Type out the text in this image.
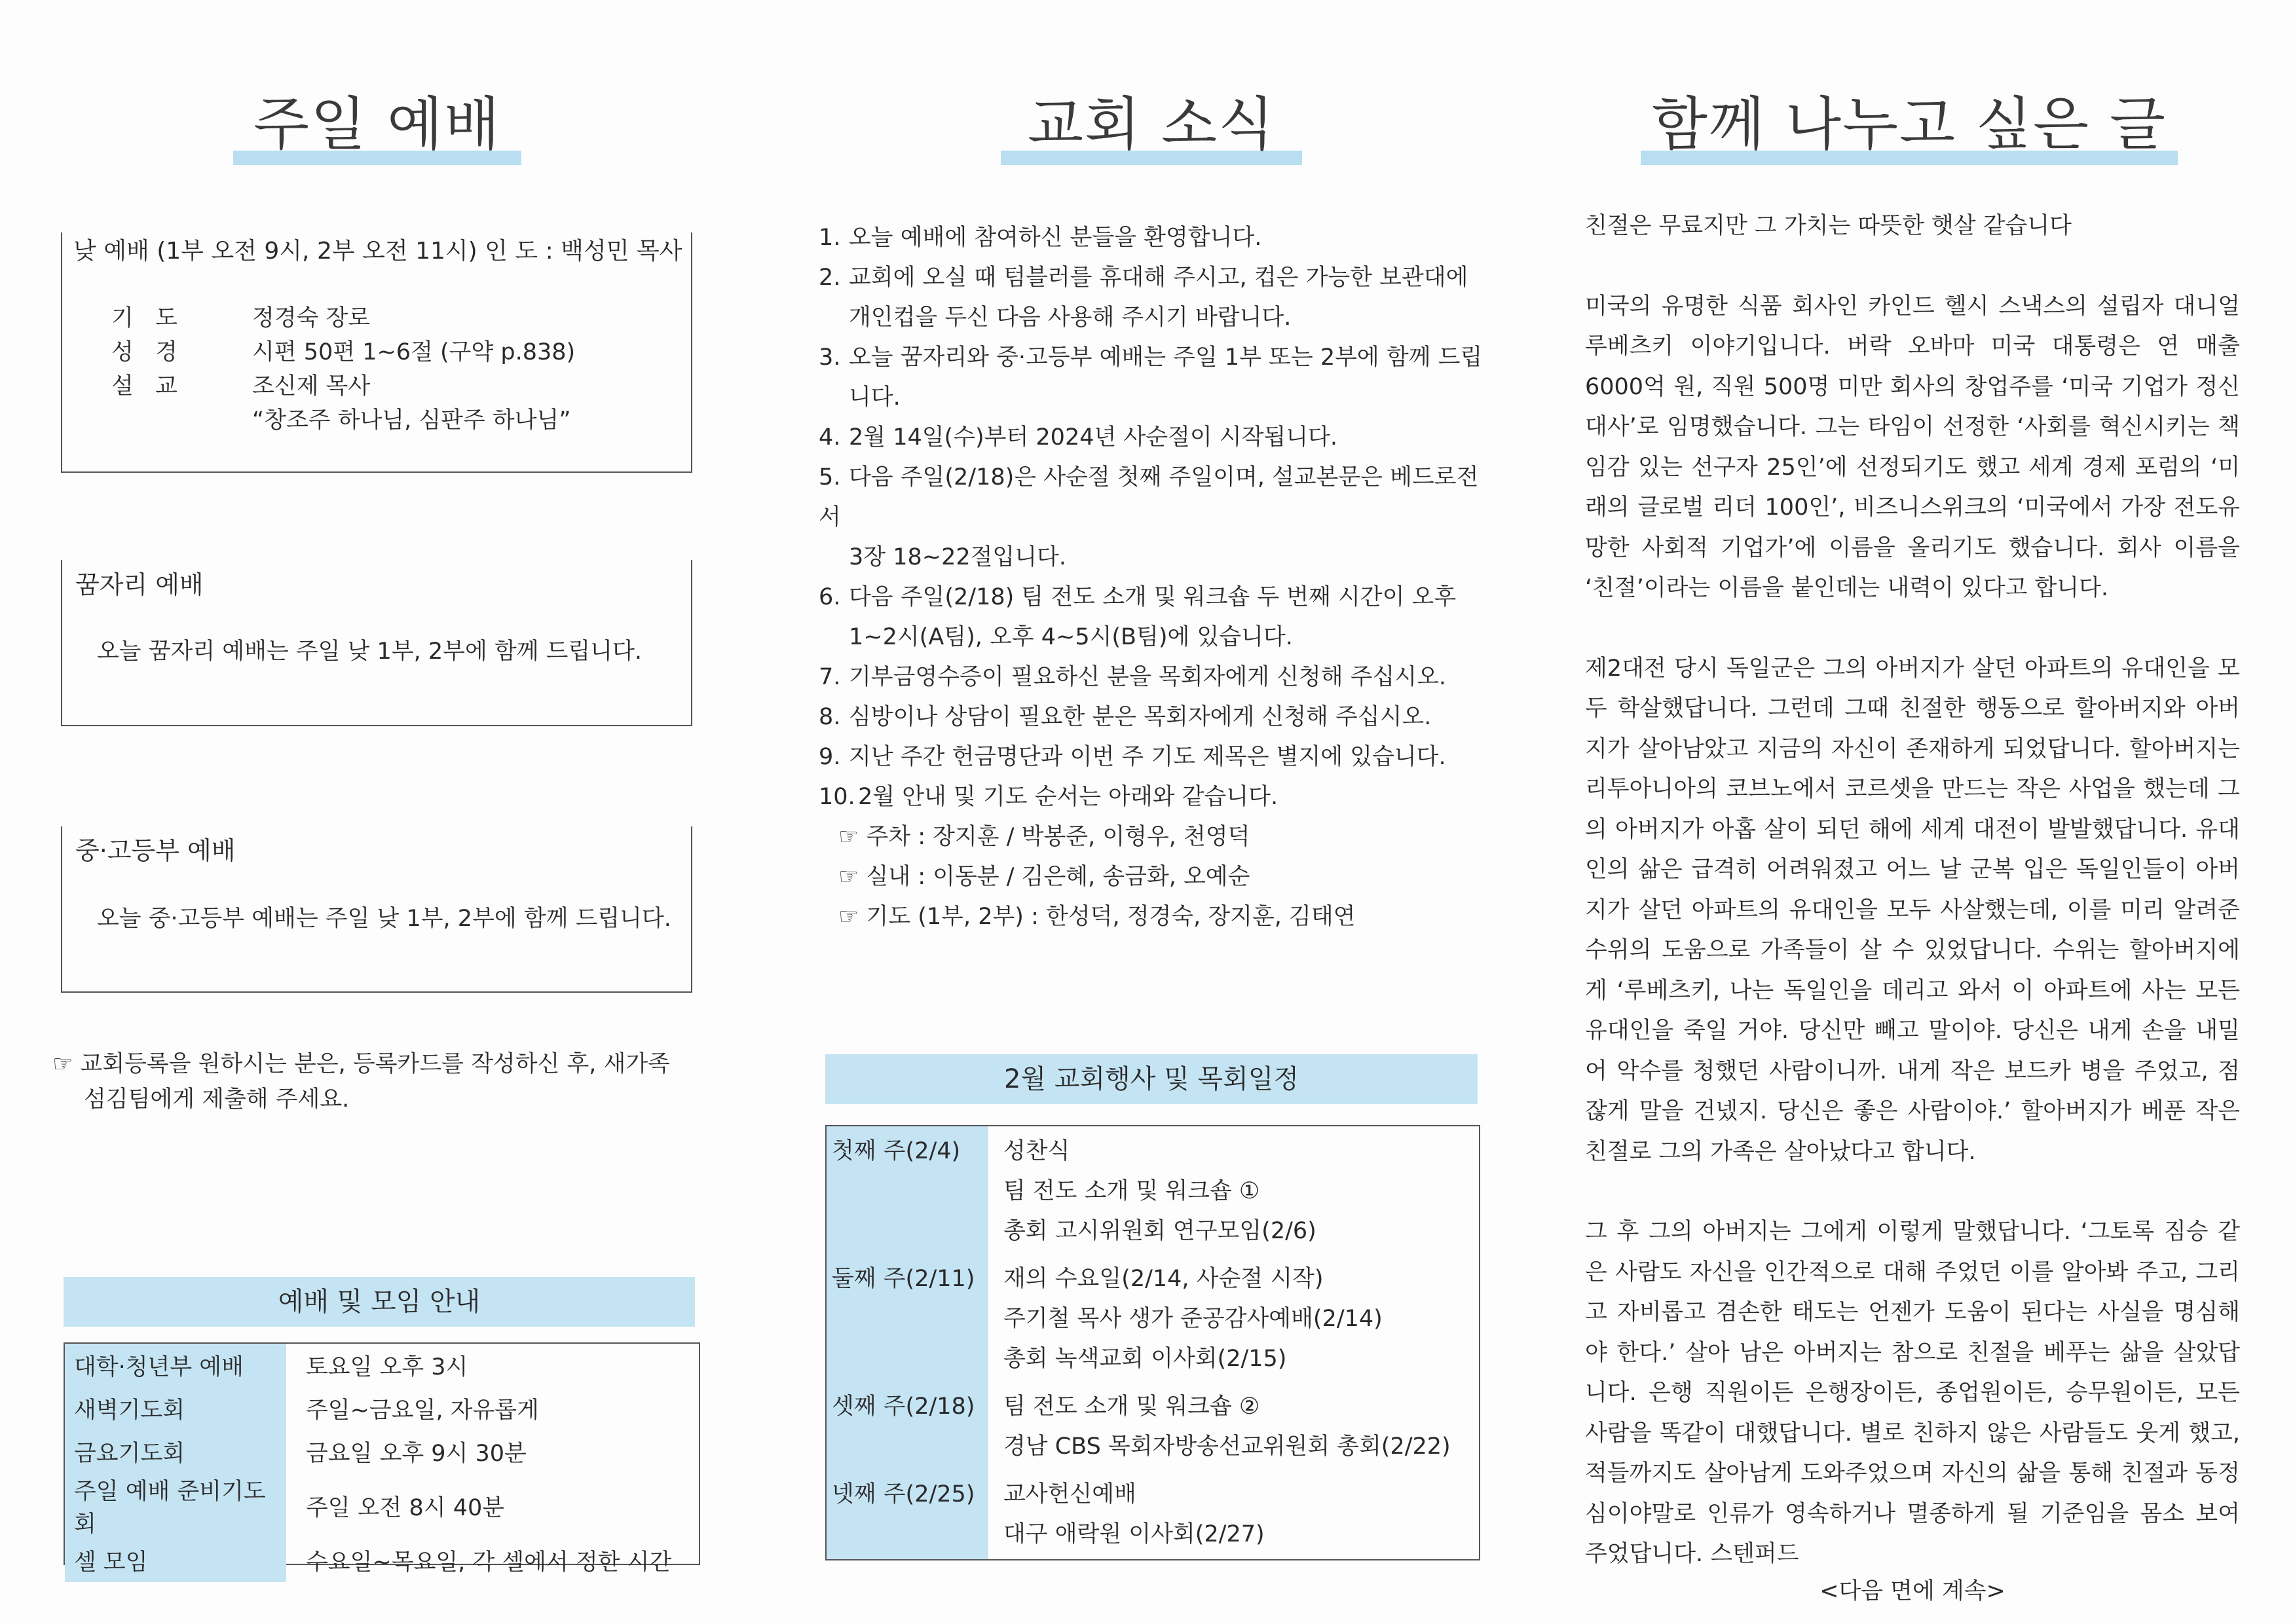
주일 예배
낮 예배 (1부 오전 9시, 2부 오전 11시) 인 도 : 백성민 목사
기   도	정경숙 장로
성   경	시편 50편 1~6절 (구약 p.838)
설   교	조신제 목사
“창조주 하나님, 심판주 하나님”
꿈자리 예배
오늘 꿈자리 예배는 주일 낮 1부, 2부에 함께 드립니다.
중·고등부 예배
오늘 중·고등부 예배는 주일 낮 1부, 2부에 함께 드립니다.
☞ 교회등록을 원하시는 분은, 등록카드를 작성하신 후, 새가족
섬김팀에게 제출해 주세요.
예배 및 모임 안내
대학·청년부 예배	토요일 오후 3시
새벽기도회	주일~금요일, 자유롭게
금요기도회	금요일 오후 9시 30분
주일 예배 준비기도회	주일 오전 8시 40분
셀 모임	수요일~목요일, 각 셀에서 정한 시간
교회 소식
1. 오늘 예배에 참여하신 분들을 환영합니다.
2. 교회에 오실 때 텀블러를 휴대해 주시고, 컵은 가능한 보관대에
개인컵을 두신 다음 사용해 주시기 바랍니다.
3. 오늘 꿈자리와 중·고등부 예배는 주일 1부 또는 2부에 함께 드립
니다.
4. 2월 14일(수)부터 2024년 사순절이 시작됩니다.
5. 다음 주일(2/18)은 사순절 첫째 주일이며, 설교본문은 베드로전서
3장 18~22절입니다.
6. 다음 주일(2/18) 팀 전도 소개 및 워크숍 두 번째 시간이 오후
1~2시(A팀), 오후 4~5시(B팀)에 있습니다.
7. 기부금영수증이 필요하신 분을 목회자에게 신청해 주십시오.
8. 심방이나 상담이 필요한 분은 목회자에게 신청해 주십시오.
9. 지난 주간 헌금명단과 이번 주 기도 제목은 별지에 있습니다.
10. 2월 안내 및 기도 순서는 아래와 같습니다.
☞ 주차 : 장지훈 / 박봉준, 이형우, 천영덕
☞ 실내 : 이동분 / 김은혜, 송금화, 오예순
☞ 기도 (1부, 2부) : 한성덕, 정경숙, 장지훈, 김태연
2월 교회행사 및 목회일정
첫째 주(2/4)	성찬식
팀 전도 소개 및 워크숍 ①
총회 고시위원회 연구모임(2/6)
둘째 주(2/11)	재의 수요일(2/14, 사순절 시작)
주기철 목사 생가 준공감사예배(2/14)
총회 녹색교회 이사회(2/15)
셋째 주(2/18)	팀 전도 소개 및 워크숍 ②
경남 CBS 목회자방송선교위원회 총회(2/22)
넷째 주(2/25)	교사헌신예배
대구 애락원 이사회(2/27)
함께 나누고 싶은 글

친절은 무료지만 그 가치는 따뜻한 햇살 같습니다

미국의 유명한 식품 회사인 카인드 헬시 스낵스의 설립자 대니얼 루베츠키 이야기입니다. 버락 오바마 미국 대통령은 연 매출 6000억 원, 직원 500명 미만 회사의 창업주를 ‘미국 기업가 정신 대사’로 임명했습니다. 그는 타임이 선정한 ‘사회를 혁신시키는 책임감 있는 선구자 25인’에 선정되기도 했고 세계 경제 포럼의 ‘미래의 글로벌 리더 100인’, 비즈니스위크의 ‘미국에서 가장 전도유망한 사회적 기업가’에 이름을 올리기도 했습니다. 회사 이름을 ‘친절’이라는 이름을 붙인데는 내력이 있다고 합니다.

제2대전 당시 독일군은 그의 아버지가 살던 아파트의 유대인을 모두 학살했답니다. 그런데 그때 친절한 행동으로 할아버지와 아버지가 살아남았고 지금의 자신이 존재하게 되었답니다. 할아버지는 리투아니아의 코브노에서 코르셋을 만드는 작은 사업을 했는데 그의 아버지가 아홉 살이 되던 해에 세계 대전이 발발했답니다. 유대인의 삶은 급격히 어려워졌고 어느 날 군복 입은 독일인들이 아버지가 살던 아파트의 유대인을 모두 사살했는데, 이를 미리 알려준 수위의 도움으로 가족들이 살 수 있었답니다. 수위는 할아버지에게 ‘루베츠키, 나는 독일인을 데리고 와서 이 아파트에 사는 모든 유대인을 죽일 거야. 당신만 빼고 말이야. 당신은 내게 손을 내밀어 악수를 청했던 사람이니까. 내게 작은 보드카 병을 주었고, 점잖게 말을 건넸지. 당신은 좋은 사람이야.’ 할아버지가 베푼 작은 친절로 그의 가족은 살아났다고 합니다.

그 후 그의 아버지는 그에게 이렇게 말했답니다. ‘그토록 짐승 같은 사람도 자신을 인간적으로 대해 주었던 이를 알아봐 주고, 그리고 자비롭고 겸손한 태도는 언젠가 도움이 된다는 사실을 명심해야 한다.’ 살아 남은 아버지는 참으로 친절을 베푸는 삶을 살았답니다. 은행 직원이든 은행장이든, 종업원이든, 승무원이든, 모든 사람을 똑같이 대했답니다. 별로 친하지 않은 사람들도 웃게 했고, 적들까지도 살아남게 도와주었으며 자신의 삶을 통해 친절과 동정심이야말로 인류가 영속하거나 멸종하게 될 기준임을 몸소 보여 주었답니다. 스텐퍼드

<다음 면에 계속>
